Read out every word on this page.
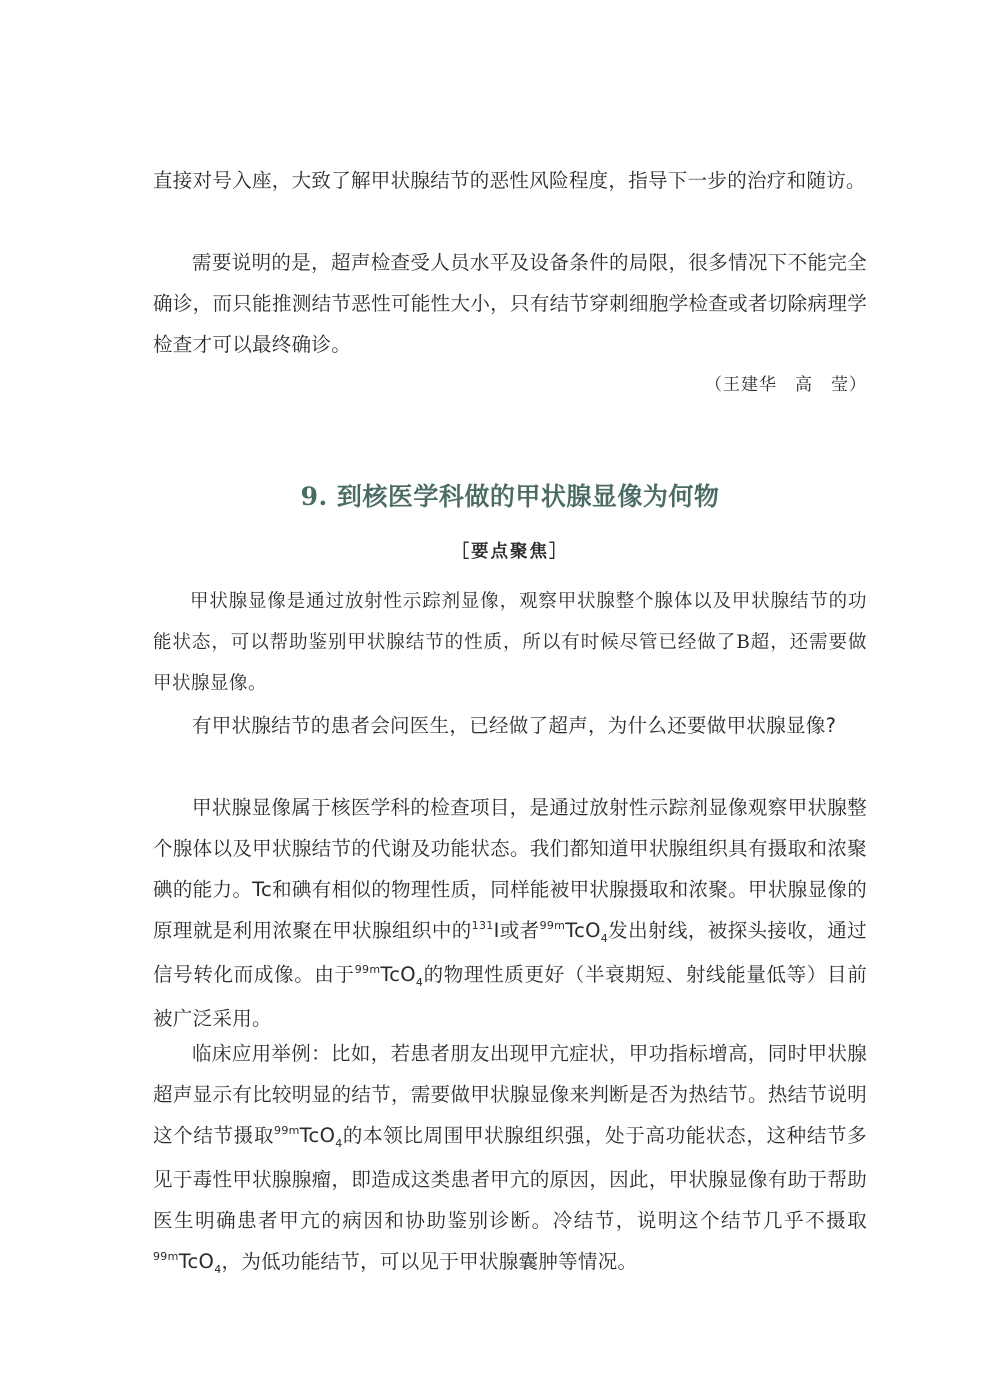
直接对号入座，大致了解甲状腺结节的恶性风险程度，指导下一步的治疗和随访。

需要说明的是，超声检查受人员水平及设备条件的局限，很多情况下不能完全确诊，而只能推测结节恶性可能性大小，只有结节穿刺细胞学检查或者切除病理学检查才可以最终确诊。

（王建华　高　莹）

9. 到核医学科做的甲状腺显像为何物
［要点聚焦］

甲状腺显像是通过放射性示踪剂显像，观察甲状腺整个腺体以及甲状腺结节的功能状态，可以帮助鉴别甲状腺结节的性质，所以有时候尽管已经做了B超，还需要做甲状腺显像。

有甲状腺结节的患者会问医生，已经做了超声，为什么还要做甲状腺显像?

甲状腺显像属于核医学科的检查项目，是通过放射性示踪剂显像观察甲状腺整个腺体以及甲状腺结节的代谢及功能状态。我们都知道甲状腺组织具有摄取和浓聚碘的能力。Tc和碘有相似的物理性质，同样能被甲状腺摄取和浓聚。甲状腺显像的原理就是利用浓聚在甲状腺组织中的$^{131}$I或者$^{99m}$TcO$_4$发出射线，被探头接收，通过信号转化而成像。由于$^{99m}$TcO$_4$的物理性质更好（半衰期短、射线能量低等）目前被广泛采用。

临床应用举例：比如，若患者朋友出现甲亢症状，甲功指标增高，同时甲状腺超声显示有比较明显的结节，需要做甲状腺显像来判断是否为热结节。热结节说明这个结节摄取$^{99m}$TcO$_4$的本领比周围甲状腺组织强，处于高功能状态，这种结节多见于毒性甲状腺腺瘤，即造成这类患者甲亢的原因，因此，甲状腺显像有助于帮助医生明确患者甲亢的病因和协助鉴别诊断。冷结节，说明这个结节几乎不摄取$^{99m}$TcO$_4$，为低功能结节，可以见于甲状腺囊肿等情况。
